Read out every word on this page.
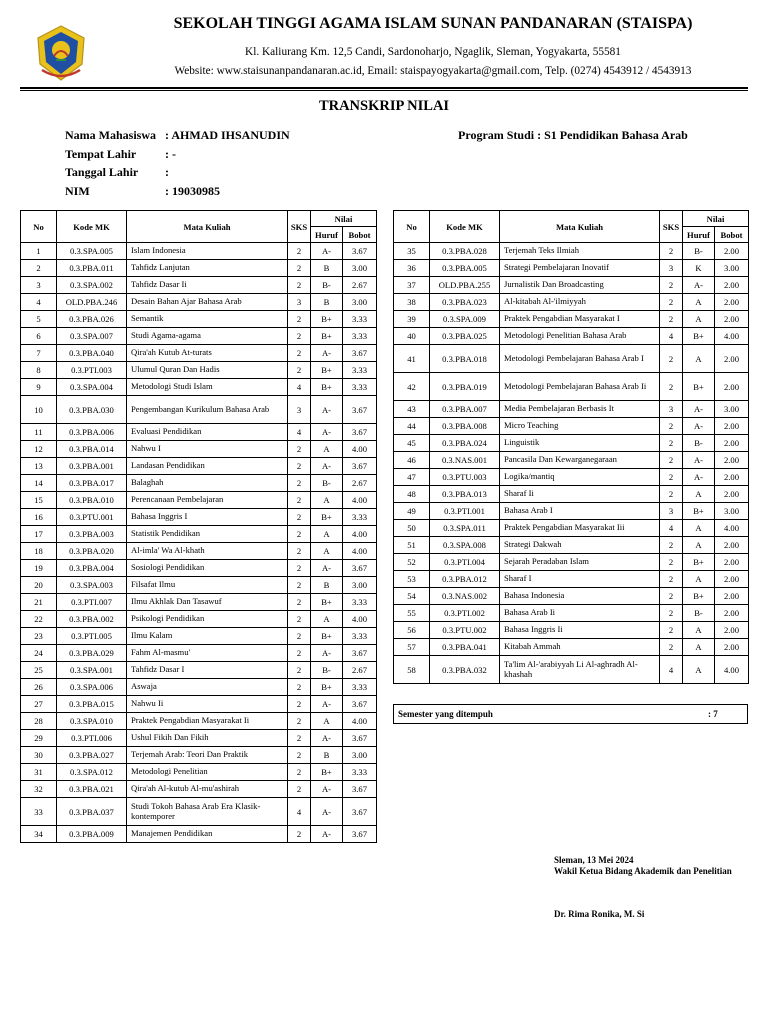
SEKOLAH TINGGI AGAMA ISLAM SUNAN PANDANARAN (STAISPA)
Kl. Kaliurang Km. 12,5 Candi, Sardonoharjo, Ngaglik, Sleman, Yogyakarta, 55581
Website: www.staisunanpandanaran.ac.id, Email: staispayogyakarta@gmail.com, Telp. (0274) 4543912 / 4543913
TRANSKRIP NILAI
Nama Mahasiswa : AHMAD IHSANUDIN
Tempat Lahir : -
Tanggal Lahir :
NIM	: 19030985
Program Studi : S1 Pendidikan Bahasa Arab
No	Kode MK	Mata Kuliah	SKS	Nilai	
				Huruf	Bobot
1	0.3.SPA.005	Islam Indonesia	2	A-	3.67
2	0.3.PBA.011	Tahfidz Lanjutan	2	B	3.00
3	0.3.SPA.002	Tahfidz Dasar Ii	2	B-	2.67
4	OLD.PBA.246	Desain Bahan Ajar Bahasa Arab	3	B	3.00
5	0.3.PBA.026	Semantik	2	B+	3.33
6	0.3.SPA.007	Studi Agama-agama	2	B+	3.33
7	0.3.PBA.040	Qira'ah Kutub At-turats	2	A-	3.67
8	0.3.PTI.003	Ulumul Quran Dan Hadis	2	B+	3.33
9	0.3.SPA.004	Metodologi Studi Islam	4	B+	3.33
10	0.3.PBA.030	Pengembangan Kurikulum Bahasa Arab	3	A-	3.67
11	0.3.PBA.006	Evaluasi Pendidikan	4	A-	3.67
12	0.3.PBA.014	Nahwu I	2	A	4.00
13	0.3.PBA.001	Landasan Pendidikan	2	A-	3.67
14	0.3.PBA.017	Balaghah	2	B-	2.67
15	0.3.PBA.010	Perencanaan Pembelajaran	2	A	4.00
16	0.3.PTU.001	Bahasa Inggris I	2	B+	3.33
17	0.3.PBA.003	Statistik Pendidikan	2	A	4.00
18	0.3.PBA.020	Al-imla' Wa Al-khath	2	A	4.00
19	0.3.PBA.004	Sosiologi Pendidikan	2	A-	3.67
20	0.3.SPA.003	Filsafat Ilmu	2	B	3.00
21	0.3.PTI.007	Ilmu Akhlak Dan Tasawuf	2	B+	3.33
22	0.3.PBA.002	Psikologi Pendidikan	2	A	4.00
23	0.3.PTI.005	Ilmu Kalam	2	B+	3.33
24	0.3.PBA.029	Fahm Al-masmu'	2	A-	3.67
25	0.3.SPA.001	Tahfidz Dasar I	2	B-	2.67
26	0.3.SPA.006	Aswaja	2	B+	3.33
27	0.3.PBA.015	Nahwu Ii	2	A-	3.67
28	0.3.SPA.010	Praktek Pengabdian Masyarakat Ii	2	A	4.00
29	0.3.PTI.006	Ushul Fikih Dan Fikih	2	A-	3.67
30	0.3.PBA.027	Terjemah Arab: Teori Dan Praktik	2	B	3.00
31	0.3.SPA.012	Metodologi Penelitian	2	B+	3.33
32	0.3.PBA.021	Qira'ah Al-kutub Al-mu'ashirah	2	A-	3.67
33	0.3.PBA.037	Studi Tokoh Bahasa Arab Era Klasik-kontemporer	4	A-	3.67
34	0.3.PBA.009	Manajemen Pendidikan	2	A-	3.67
No	Kode MK	Mata Kuliah	SKS	Nilai	
				Huruf	Bobot
35	0.3.PBA.028	Terjemah Teks Ilmiah	2	B-	2.00
36	0.3.PBA.005	Strategi Pembelajaran Inovatif	3	K	3.00
37	OLD.PBA.255	Jurnalistik Dan Broadcasting	2	A-	2.00
38	0.3.PBA.023	Al-kitabah Al-'ilmiyyah	2	A	2.00
39	0.3.SPA.009	Praktek Pengabdian Masyarakat I	2	A	2.00
40	0.3.PBA.025	Metodologi Penelitian Bahasa Arab	4	B+	4.00
41	0.3.PBA.018	Metodologi Pembelajaran Bahasa Arab I	2	A	2.00
42	0.3.PBA.019	Metodologi Pembelajaran Bahasa Arab Ii	2	B+	2.00
43	0.3.PBA.007	Media Pembelajaran Berbasis It	3	A-	3.00
44	0.3.PBA.008	Micro Teaching	2	A-	2.00
45	0.3.PBA.024	Linguistik	2	B-	2.00
46	0.3.NAS.001	Pancasila Dan Kewarganegaraan	2	A-	2.00
47	0.3.PTU.003	Logika/mantiq	2	A-	2.00
48	0.3.PBA.013	Sharaf Ii	2	A	2.00
49	0.3.PTI.001	Bahasa Arab I	3	B+	3.00
50	0.3.SPA.011	Praktek Pengabdian Masyarakat Iii	4	A	4.00
51	0.3.SPA.008	Strategi Dakwah	2	A	2.00
52	0.3.PTI.004	Sejarah Peradaban Islam	2	B+	2.00
53	0.3.PBA.012	Sharaf I	2	A	2.00
54	0.3.NAS.002	Bahasa Indonesia	2	B+	2.00
55	0.3.PTI.002	Bahasa Arab Ii	2	B-	2.00
56	0.3.PTU.002	Bahasa Inggris Ii	2	A	2.00
57	0.3.PBA.041	Kitabah Ammah	2	A	2.00
58	0.3.PBA.032	Ta'lim Al-'arabiyyah Li Al-aghradh Al-khashah	4	A	4.00
Semester yang ditempuh	: 7
Sleman, 13 Mei 2024
Wakil Ketua Bidang Akademik dan Penelitian
Dr. Rima Ronika, M. Si
